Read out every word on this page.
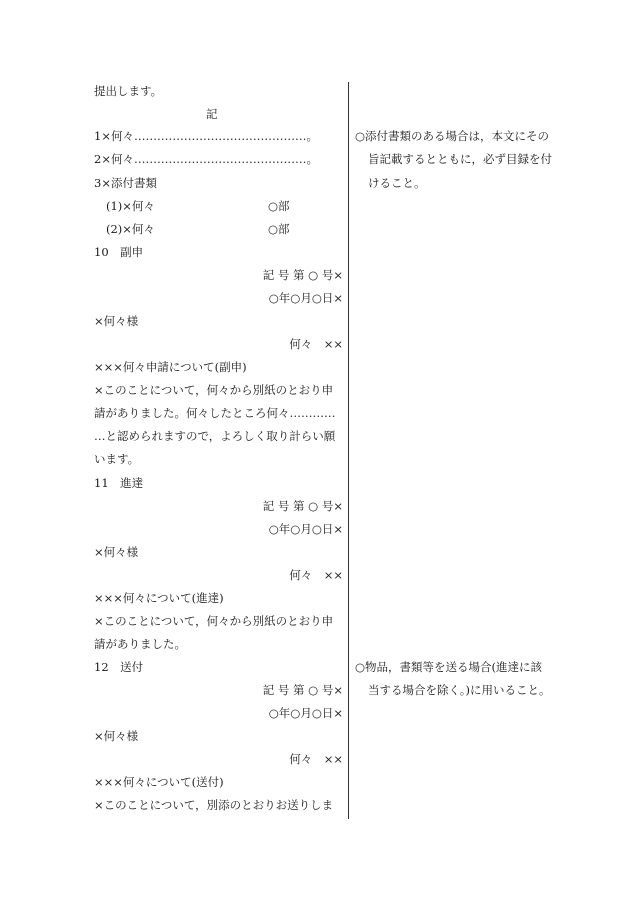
提出します。
記
1×何々………………………………………。
2×何々………………………………………。
3×添付書類
(1)×何々	○部
(2)×何々	○部
10　副申
記 号 第 ○ 号×
○年○月○日×
×何々様
何々　××
×××何々申請について(副申)
×このことについて，何々から別紙のとおり申
請がありました。何々したところ何々…………
…と認められますので，よろしく取り計らい願
います。
11　進達
記 号 第 ○ 号×
○年○月○日×
×何々様
何々　××
×××何々について(進達)
×このことについて，何々から別紙のとおり申
請がありました。
12　送付
記 号 第 ○ 号×
○年○月○日×
×何々様
何々　××
×××何々について(送付)
×このことについて，別添のとおりお送りしま
○添付書類のある場合は，本文にその
旨記載するとともに，必ず目録を付
けること。
○物品，書類等を送る場合(進達に該
当する場合を除く。)に用いること。
